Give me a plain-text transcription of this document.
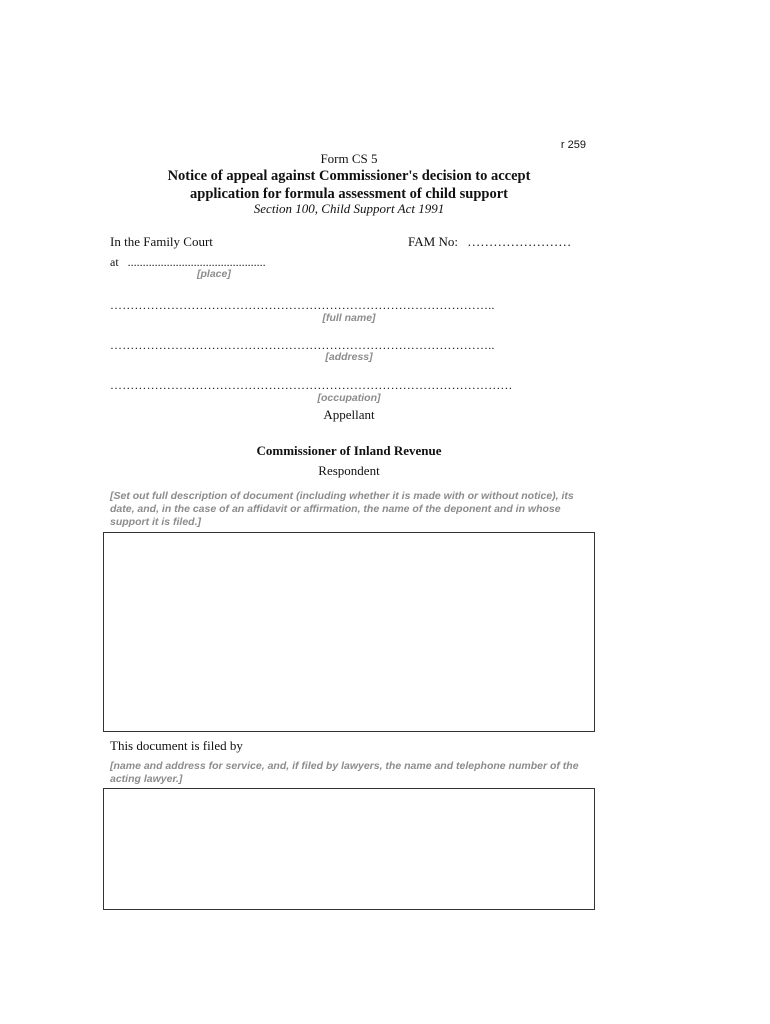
r 259
Form CS 5
Notice of appeal against Commissioner's decision to accept
application for formula assessment of child support
Section 100, Child Support Act 1991
In the Family Court	FAM No: ……………………
at ..............................................
[place]
…………………………………………………………………………………..
[full name]
…………………………………………………………………………………..
[address]
………………………………………………………………………………………
[occupation]
Appellant
Commissioner of Inland Revenue
Respondent
[Set out full description of document (including whether it is made with or without notice), its date, and, in the case of an affidavit or affirmation, the name of the deponent and in whose support it is filed.]
This document is filed by
[name and address for service, and, if filed by lawyers, the name and telephone number of the acting lawyer.]
